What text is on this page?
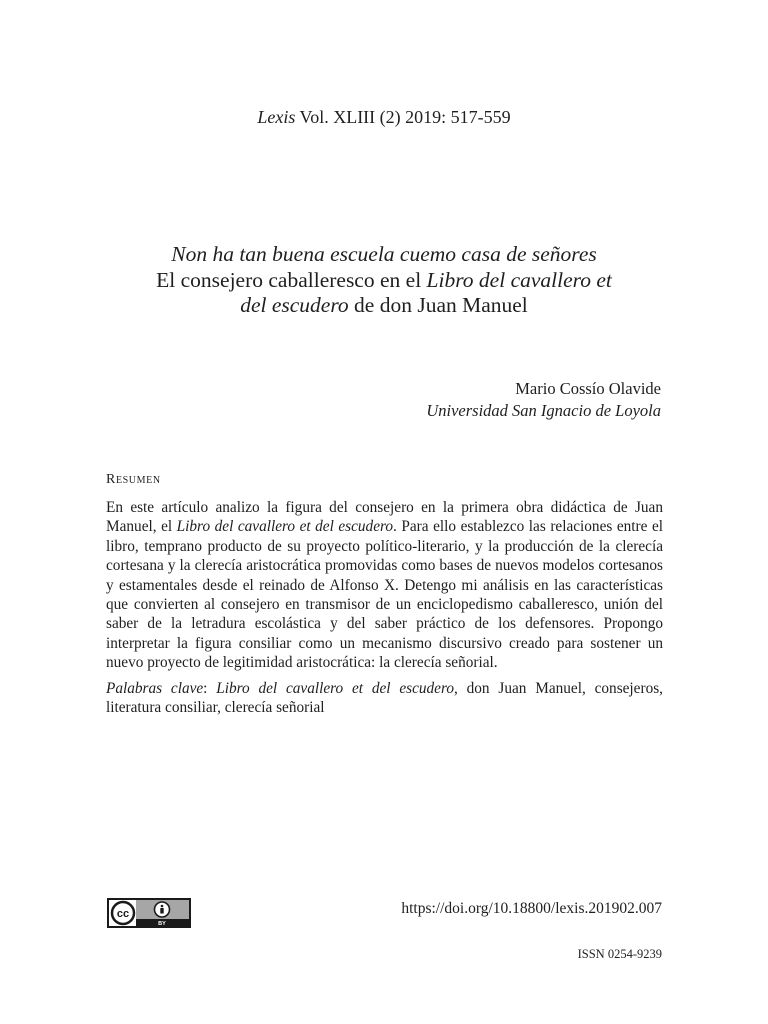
Lexis Vol. XLIII (2) 2019: 517-559
Non ha tan buena escuela cuemo casa de señores
El consejero caballeresco en el Libro del cavallero et
del escudero de don Juan Manuel
Mario Cossío Olavide
Universidad San Ignacio de Loyola
Resumen

En este artículo analizo la figura del consejero en la primera obra didáctica de Juan Manuel, el Libro del cavallero et del escudero. Para ello establezco las relaciones entre el libro, temprano producto de su proyecto político-literario, y la producción de la clerecía cortesana y la clerecía aristocrática promovidas como bases de nuevos modelos cortesanos y estamentales desde el reinado de Alfonso X. Detengo mi análisis en las características que convierten al consejero en transmisor de un enciclopedismo caballeresco, unión del saber de la letradura escolástica y del saber práctico de los defensores. Propongo interpretar la figura consiliar como un mecanismo discursivo creado para sostener un nuevo proyecto de legitimidad aristocrática: la clerecía señorial.

Palabras clave: Libro del cavallero et del escudero, don Juan Manuel, consejeros, literatura consiliar, clerecía señorial

cc
BY
https://doi.org/10.18800/lexis.201902.007
ISSN 0254-9239
